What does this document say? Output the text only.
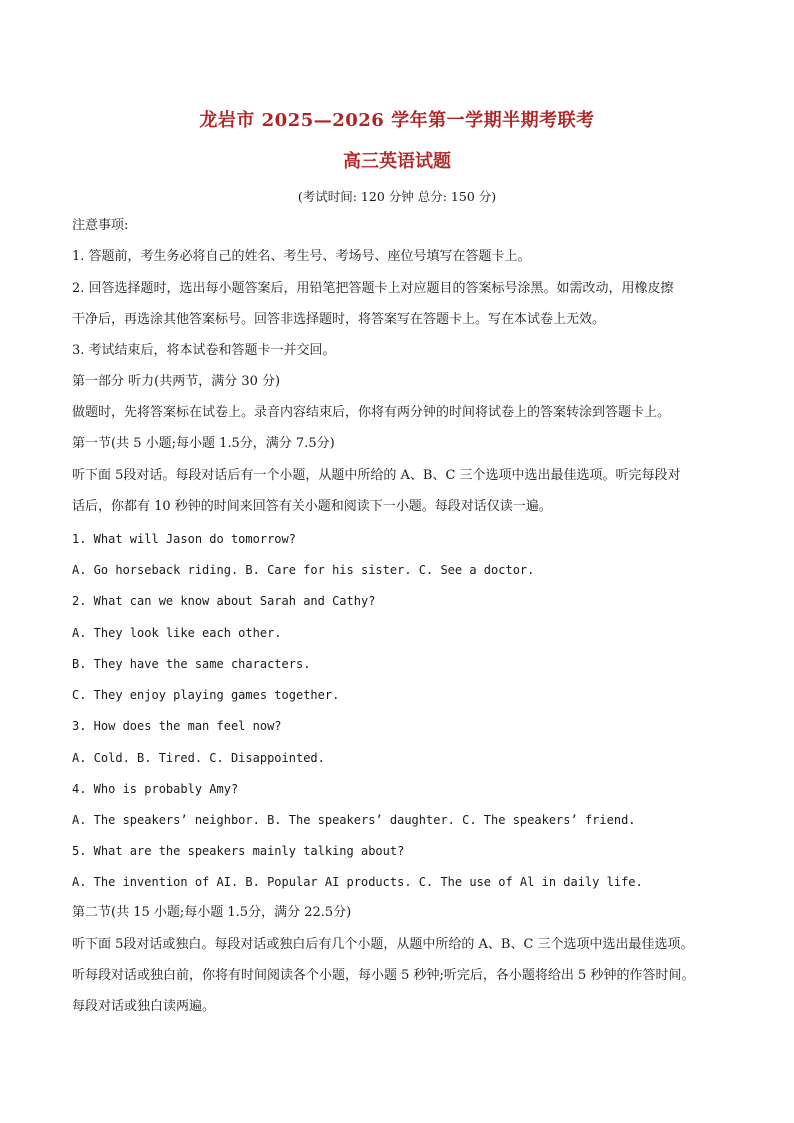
龙岩市 2025—2026 学年第一学期半期考联考
高三英语试题
(考试时间: 120 分钟 总分: 150 分)
注意事项:
1. 答题前，考生务必将自己的姓名、考生号、考场号、座位号填写在答题卡上。
2. 回答选择题时，选出每小题答案后，用铅笔把答题卡上对应题目的答案标号涂黑。如需改动，用橡皮擦
干净后，再选涂其他答案标号。回答非选择题时，将答案写在答题卡上。写在本试卷上无效。
3. 考试结束后，将本试卷和答题卡一并交回。
第一部分 听力(共两节，满分 30 分)
做题时，先将答案标在试卷上。录音内容结束后，你将有两分钟的时间将试卷上的答案转涂到答题卡上。
第一节(共 5 小题;每小题 1.5分，满分 7.5分)
听下面 5段对话。每段对话后有一个小题，从题中所给的 A、B、C 三个选项中选出最佳选项。听完每段对
话后，你都有 10 秒钟的时间来回答有关小题和阅读下一小题。每段对话仅读一遍。
1. What will Jason do tomorrow?
A. Go horseback riding. B. Care for his sister. C. See a doctor.
2. What can we know about Sarah and Cathy?
A. They look like each other.
B. They have the same characters.
C. They enjoy playing games together.
3. How does the man feel now?
A. Cold. B. Tired. C. Disappointed.
4. Who is probably Amy?
A. The speakers’ neighbor. B. The speakers’ daughter. C. The speakers’ friend.
5. What are the speakers mainly talking about?
A. The invention of AI. B. Popular AI products. C. The use of Al in daily life.
第二节(共 15 小题;每小题 1.5分，满分 22.5分)
听下面 5段对话或独白。每段对话或独白后有几个小题，从题中所给的 A、B、C 三个选项中选出最佳选项。
听每段对话或独白前，你将有时间阅读各个小题，每小题 5 秒钟;听完后，各小题将给出 5 秒钟的作答时间。
每段对话或独白读两遍。
